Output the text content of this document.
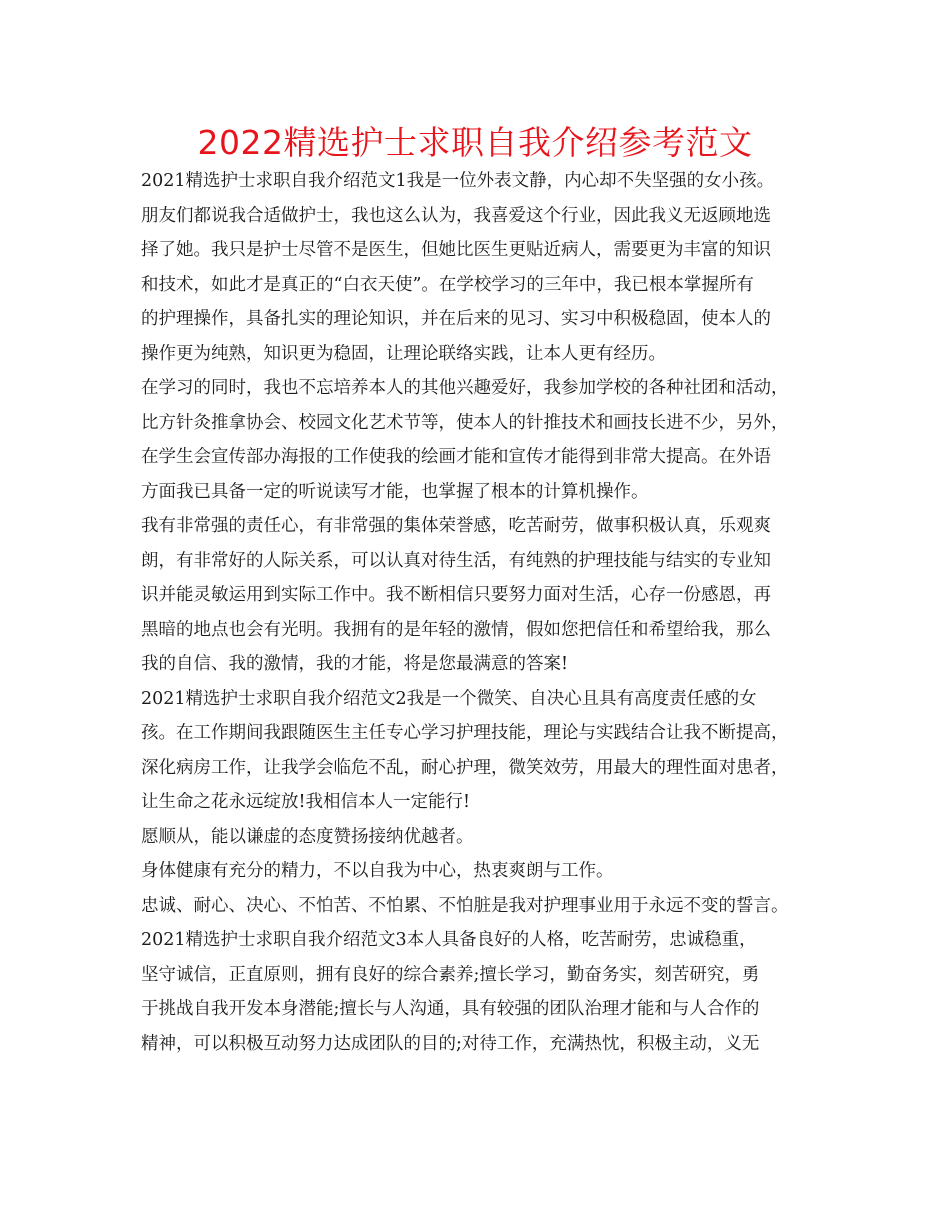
2022精选护士求职自我介绍参考范文
2021精选护士求职自我介绍范文1我是一位外表文静，内心却不失坚强的女小孩。
朋友们都说我合适做护士，我也这么认为，我喜爱这个行业，因此我义无返顾地选
择了她。我只是护士尽管不是医生，但她比医生更贴近病人，需要更为丰富的知识
和技术，如此才是真正的“白衣天使”。在学校学习的三年中，我已根本掌握所有
的护理操作，具备扎实的理论知识，并在后来的见习、实习中积极稳固，使本人的
操作更为纯熟，知识更为稳固，让理论联络实践，让本人更有经历。
在学习的同时，我也不忘培养本人的其他兴趣爱好，我参加学校的各种社团和活动，
比方针灸推拿协会、校园文化艺术节等，使本人的针推技术和画技长进不少，另外，
在学生会宣传部办海报的工作使我的绘画才能和宣传才能得到非常大提高。在外语
方面我已具备一定的听说读写才能，也掌握了根本的计算机操作。
我有非常强的责任心，有非常强的集体荣誉感，吃苦耐劳，做事积极认真，乐观爽
朗，有非常好的人际关系，可以认真对待生活，有纯熟的护理技能与结实的专业知
识并能灵敏运用到实际工作中。我不断相信只要努力面对生活，心存一份感恩，再
黑暗的地点也会有光明。我拥有的是年轻的激情，假如您把信任和希望给我，那么
我的自信、我的激情，我的才能，将是您最满意的答案!
2021精选护士求职自我介绍范文2我是一个微笑、自决心且具有高度责任感的女
孩。在工作期间我跟随医生主任专心学习护理技能，理论与实践结合让我不断提高，
深化病房工作，让我学会临危不乱，耐心护理，微笑效劳，用最大的理性面对患者，
让生命之花永远绽放!我相信本人一定能行!
愿顺从，能以谦虚的态度赞扬接纳优越者。
身体健康有充分的精力，不以自我为中心，热衷爽朗与工作。
忠诚、耐心、决心、不怕苦、不怕累、不怕脏是我对护理事业用于永远不变的誓言。
2021精选护士求职自我介绍范文3本人具备良好的人格，吃苦耐劳，忠诚稳重，
坚守诚信，正直原则，拥有良好的综合素养;擅长学习，勤奋务实，刻苦研究，勇
于挑战自我开发本身潜能;擅长与人沟通，具有较强的团队治理才能和与人合作的
精神，可以积极互动努力达成团队的目的;对待工作，充满热忱，积极主动，义无
